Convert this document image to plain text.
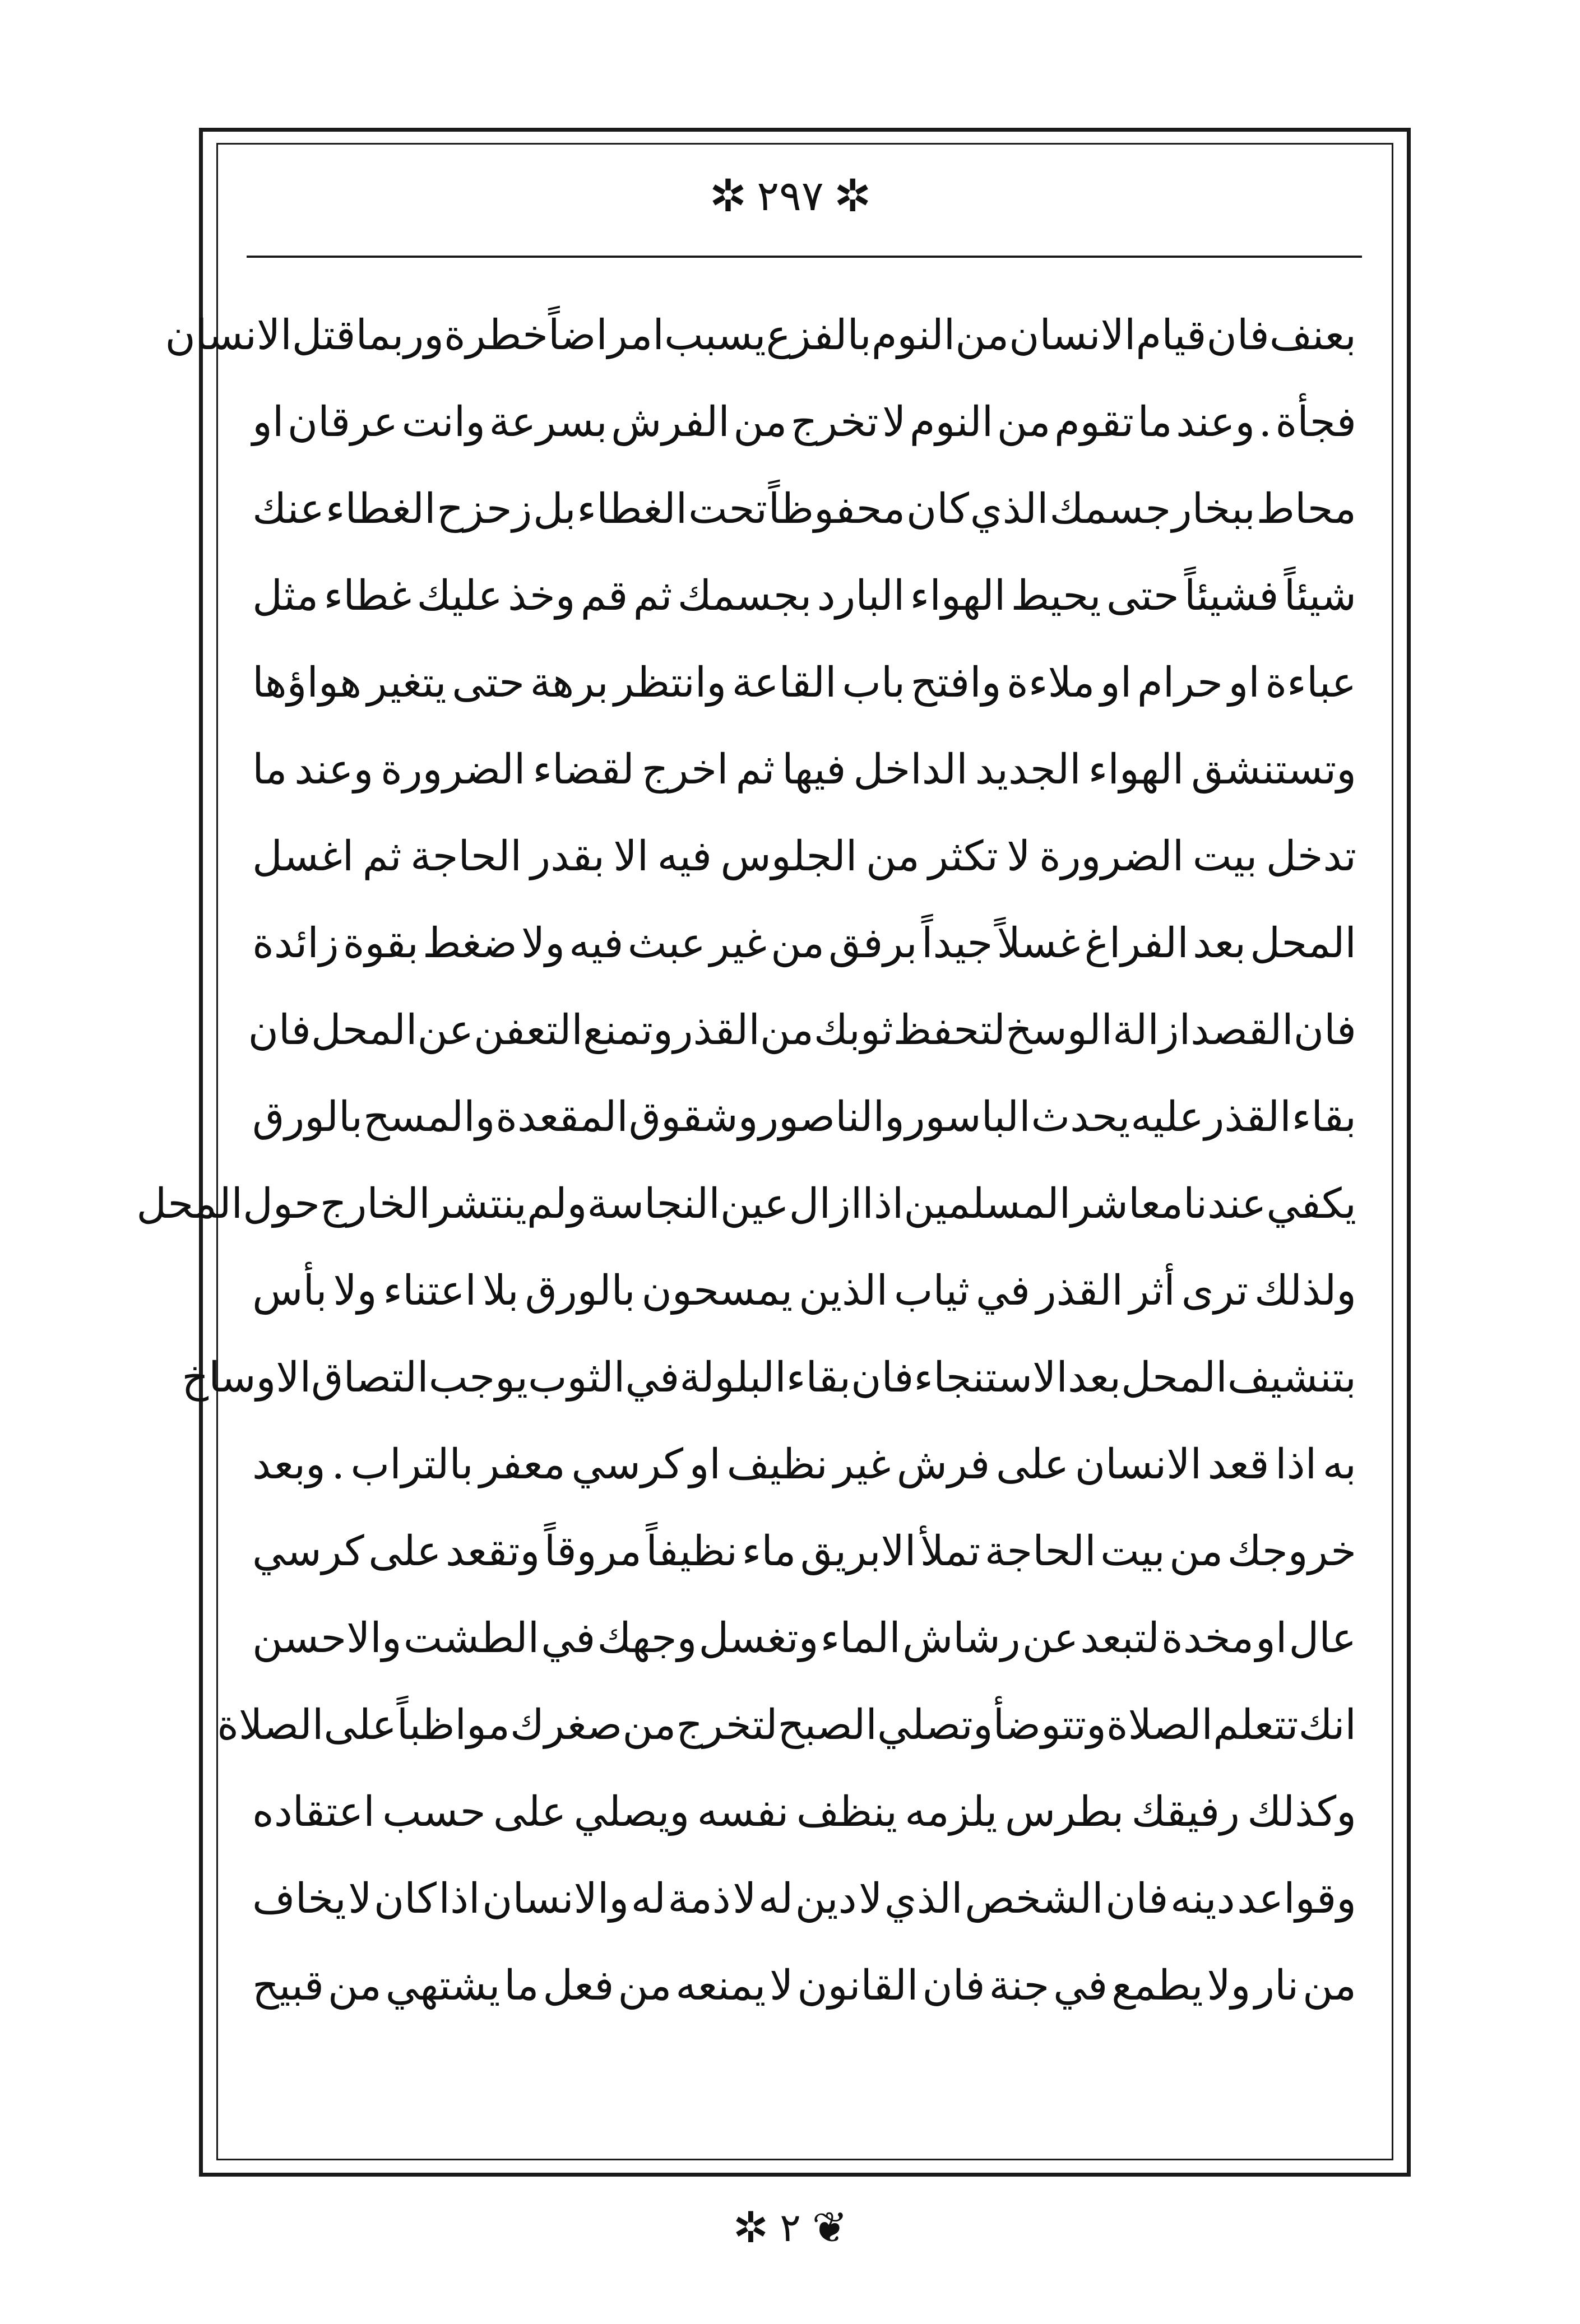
✲ ٢٩٧ ✲
بعنف
فان
قيام
الانسان
من
النوم
بالفزع
يسبب
امراضاً
خطرة
وربما
قتل
الانسان
فجأة
.
وعند
ما
تقوم
من
النوم
لا
تخرج
من
الفرش
بسرعة
وانت
عرقان
او
محاط
ببخار
جسمك
الذي
كان
محفوظاً
تحت
الغطاء
بل
زحزح
الغطاء
عنك
شيئاً
فشيئاً
حتى
يحيط
الهواء
البارد
بجسمك
ثم
قم
وخذ
عليك
غطاء
مثل
عباءة
او
حرام
او
ملاءة
وافتح
باب
القاعة
وانتظر
برهة
حتى
يتغير
هواؤها
وتستنشق
الهواء
الجديد
الداخل
فيها
ثم
اخرج
لقضاء
الضرورة
وعند
ما
تدخل
بيت
الضرورة
لا
تكثر
من
الجلوس
فيه
الا
بقدر
الحاجة
ثم
اغسل
المحل
بعد
الفراغ
غسلاً
جيداً
برفق
من
غير
عبث
فيه
ولا
ضغط
بقوة
زائدة
فان
القصد
ازالة
الوسخ
لتحفظ
ثوبك
من
القذر
وتمنع
التعفن
عن
المحل
فان
بقاء
القذر
عليه
يحدث
الباسور
والناصور
وشقوق
المقعدة
والمسح
بالورق
يكفي
عندنا
معاشر
المسلمين
اذا
ازال
عين
النجاسة
ولم
ينتشر
الخارج
حول
المحل
ولذلك
ترى
أثر
القذر
في
ثياب
الذين
يمسحون
بالورق
بلا
اعتناء
ولا
بأس
بتنشيف
المحل
بعد
الاستنجاء
فان
بقاء
البلولة
في
الثوب
يوجب
التصاق
الاوساخ
به
اذا
قعد
الانسان
على
فرش
غير
نظيف
او
كرسي
معفر
بالتراب
.
وبعد
خروجك
من
بيت
الحاجة
تملأ
الابريق
ماء
نظيفاً
مروقاً
وتقعد
على
كرسي
عال
او
مخدة
لتبعد
عن
رشاش
الماء
وتغسل
وجهك
في
الطشت
والاحسن
انك
تتعلم
الصلاة
وتتوضأ
وتصلي
الصبح
لتخرج
من
صغرك
مواظباً
على
الصلاة
وكذلك
رفيقك
بطرس
يلزمه
ينظف
نفسه
ويصلي
على
حسب
اعتقاده
وقواعد
دينه
فان
الشخص
الذي
لا
دين
له
لا
ذمة
له
والانسان
اذا
كان
لا
يخاف
من
نار
ولا
يطمع
في
جنة
فان
القانون
لا
يمنعه
من
فعل
ما
يشتهي
من
قبيح
✲ ٢ ❦
